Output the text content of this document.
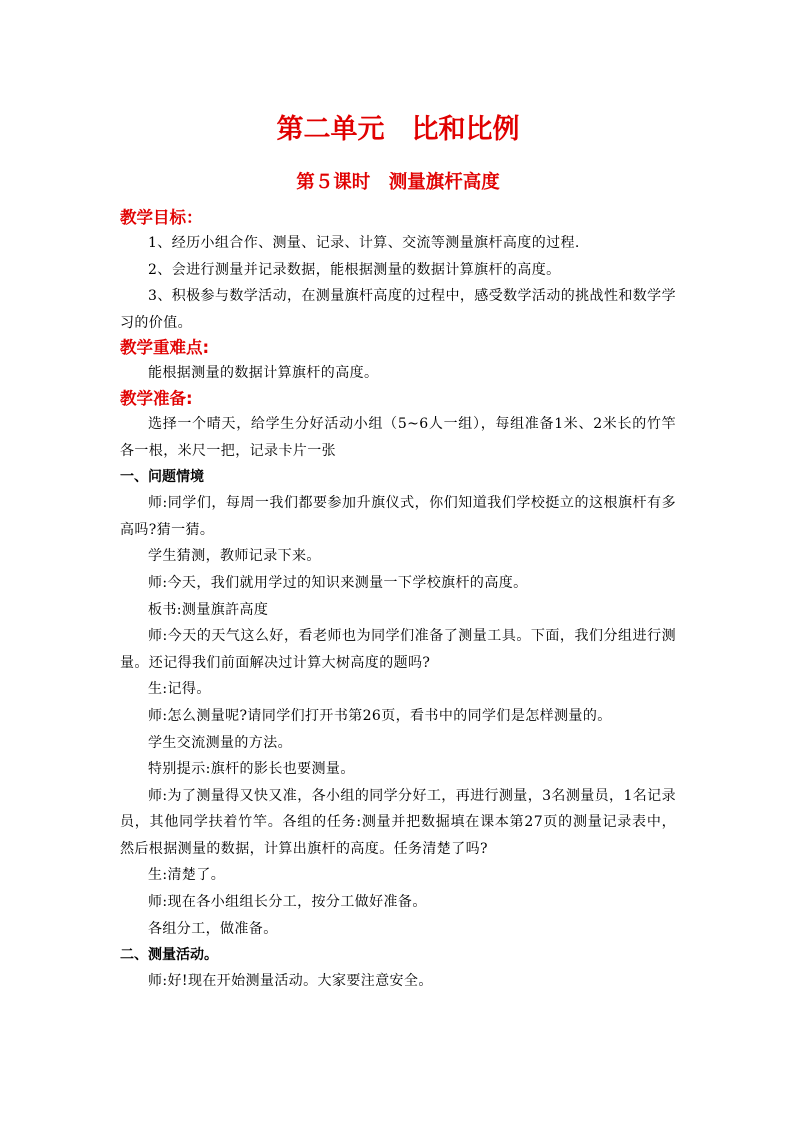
第二单元　比和比例
第５课时　测量旗杆高度
教学目标：
1、经历小组合作、测量、记录、计算、交流等测量旗杆高度的过程.
2、会进行测量并记录数据，能根据测量的数据计算旗杆的高度。
3、积极参与数学活动，在测量旗杆高度的过程中，感受数学活动的挑战性和数学学习的价值。
教学重难点:
能根据测量的数据计算旗杆的高度。
教学准备:
选择一个晴天，给学生分好活动小组（5~6人一组），每组准备1米、2米长的竹竿各一根，米尺一把，记录卡片一张
一、问题情境
师:同学们，每周一我们都要参加升旗仪式，你们知道我们学校挺立的这根旗杆有多高吗?猜一猜。
学生猜测，教师记录下来。
师:今天，我们就用学过的知识来测量一下学校旗杆的高度。
板书:测量旗許高度
师:今天的天气这么好，看老师也为同学们准备了测量工具。下面，我们分组进行测量。还记得我们前面解决过计算大树高度的题吗?
生:记得。
师:怎么测量呢?请同学们打开书第26页，看书中的同学们是怎样测量的。
学生交流测量的方法。
特别提示:旗杆的影长也要测量。
师:为了测量得又快又准，各小组的同学分好工，再进行测量，3名测量员，1名记录员，其他同学扶着竹竿。各组的任务:测量并把数掘填在课本第27页的测量记录表中，然后根据测量的数据，计算出旗杆的高度。任务清楚了吗?
生:清楚了。
师:现在各小组组长分工，按分工做好准备。
各组分工，做准备。
二、测量活动。
师:好!现在开始测量活动。大家要注意安全。
